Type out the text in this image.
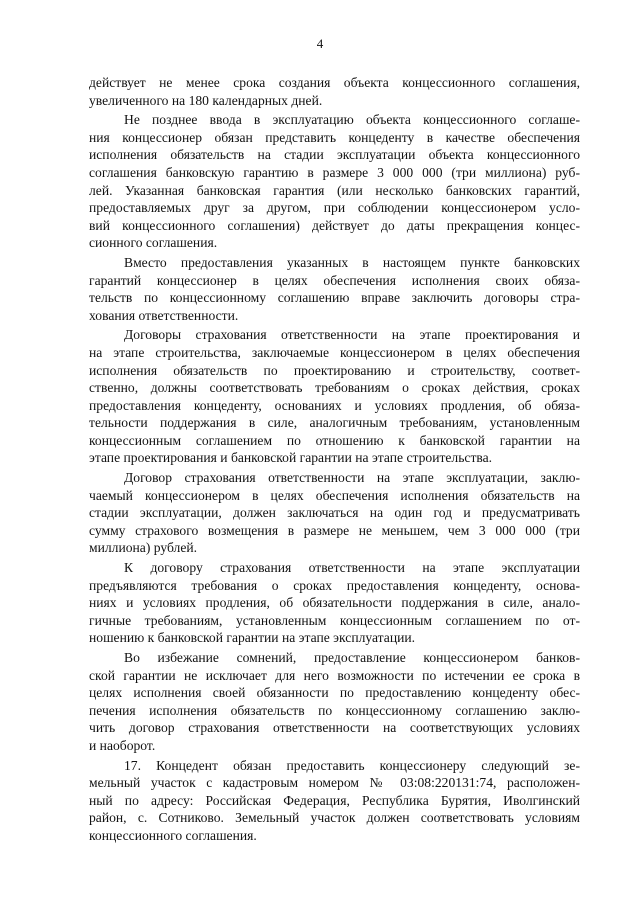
4
действует не менее срока создания объекта концессионного соглашения,
увеличенного на 180 календарных дней.
Не позднее ввода в эксплуатацию объекта концессионного соглаше-
ния концессионер обязан представить концеденту в качестве обеспечения
исполнения обязательств на стадии эксплуатации объекта концессионного
соглашения банковскую гарантию в размере 3 000 000 (три миллиона) руб-
лей. Указанная банковская гарантия (или несколько банковских гарантий,
предоставляемых друг за другом, при соблюдении концессионером усло-
вий концессионного соглашения) действует до даты прекращения концес-
сионного соглашения.
Вместо предоставления указанных в настоящем пункте банковских
гарантий концессионер в целях обеспечения исполнения своих обяза-
тельств по концессионному соглашению вправе заключить договоры стра-
хования ответственности.
Договоры страхования ответственности на этапе проектирования и
на этапе строительства, заключаемые концессионером в целях обеспечения
исполнения обязательств по проектированию и строительству, соответ-
ственно, должны соответствовать требованиям о сроках действия, сроках
предоставления концеденту, основаниях и условиях продления, об обяза-
тельности поддержания в силе, аналогичным требованиям, установленным
концессионным соглашением по отношению к банковской гарантии на
этапе проектирования и банковской гарантии на этапе строительства.
Договор страхования ответственности на этапе эксплуатации, заклю-
чаемый концессионером в целях обеспечения исполнения обязательств на
стадии эксплуатации, должен заключаться на один год и предусматривать
сумму страхового возмещения в размере не меньшем, чем 3 000 000 (три
миллиона) рублей.
К договору страхования ответственности на этапе эксплуатации
предъявляются требования о сроках предоставления концеденту, основа-
ниях и условиях продления, об обязательности поддержания в силе, анало-
гичные требованиям, установленным концессионным соглашением по от-
ношению к банковской гарантии на этапе эксплуатации.
Во избежание сомнений, предоставление концессионером банков-
ской гарантии не исключает для него возможности по истечении ее срока в
целях исполнения своей обязанности по предоставлению концеденту обес-
печения исполнения обязательств по концессионному соглашению заклю-
чить договор страхования ответственности на соответствующих условиях
и наоборот.
17. Концедент обязан предоставить концессионеру следующий зе-
мельный участок с кадастровым номером № 03:08:220131:74, расположен-
ный по адресу: Российская Федерация, Республика Бурятия, Иволгинский
район, с. Сотниково. Земельный участок должен соответствовать условиям
концессионного соглашения.
